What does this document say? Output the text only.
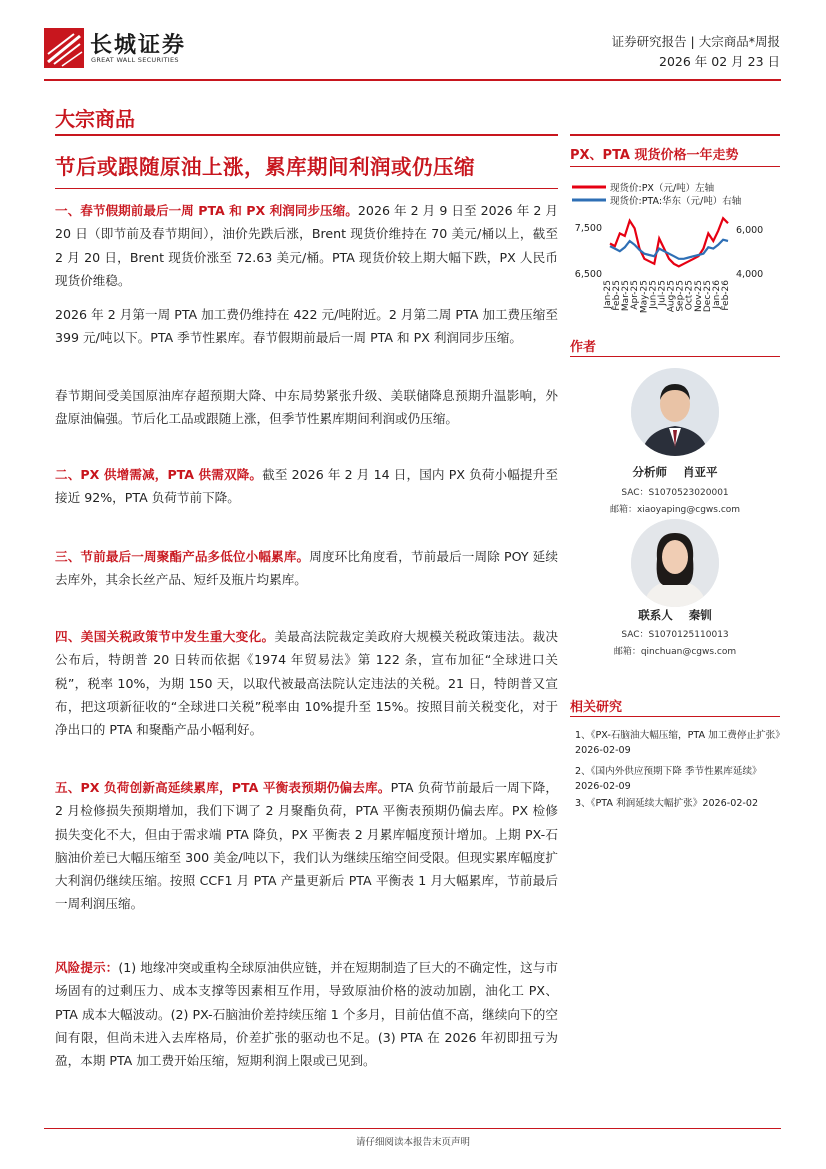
长城证券
GREAT WALL SECURITIES
证券研究报告 | 大宗商品*周报
2026 年 02 月 23 日
大宗商品
节后或跟随原油上涨，累库期间利润或仍压缩
一、春节假期前最后一周 PTA 和 PX 利润同步压缩。2026 年 2 月 9 日至 2026 年 2 月 20 日（即节前及春节期间），油价先跌后涨，Brent 现货价维持在 70 美元/桶以上，截至 2 月 20 日，Brent 现货价涨至 72.63 美元/桶。PTA 现货价较上期大幅下跌，PX 人民币现货价维稳。
2026 年 2 月第一周 PTA 加工费仍维持在 422 元/吨附近。2 月第二周 PTA 加工费压缩至 399 元/吨以下。PTA 季节性累库。春节假期前最后一周 PTA 和 PX 利润同步压缩。
春节期间受美国原油库存超预期大降、中东局势紧张升级、美联储降息预期升温影响，外盘原油偏强。节后化工品或跟随上涨，但季节性累库期间利润或仍压缩。
二、PX 供增需减，PTA 供需双降。截至 2026 年 2 月 14 日，国内 PX 负荷小幅提升至接近 92%，PTA 负荷节前下降。
三、节前最后一周聚酯产品多低位小幅累库。周度环比角度看，节前最后一周除 POY 延续去库外，其余长丝产品、短纤及瓶片均累库。
四、美国关税政策节中发生重大变化。美最高法院裁定美政府大规模关税政策违法。裁决公布后，特朗普 20 日转而依据《1974 年贸易法》第 122 条，宣布加征“全球进口关税”，税率 10%，为期 150 天，以取代被最高法院认定违法的关税。21 日，特朗普又宣布，把这项新征收的“全球进口关税”税率由 10%提升至 15%。按照目前关税变化，对于净出口的 PTA 和聚酯产品小幅利好。
五、PX 负荷创新高延续累库，PTA 平衡表预期仍偏去库。PTA 负荷节前最后一周下降，2 月检修损失预期增加，我们下调了 2 月聚酯负荷，PTA 平衡表预期仍偏去库。PX 检修损失变化不大，但由于需求端 PTA 降负，PX 平衡表 2 月累库幅度预计增加。上期 PX-石脑油价差已大幅压缩至 300 美金/吨以下，我们认为继续压缩空间受限。但现实累库幅度扩大利润仍继续压缩。按照 CCF1 月 PTA 产量更新后 PTA 平衡表 1 月大幅累库，节前最后一周利润压缩。
风险提示：(1) 地缘冲突或重构全球原油供应链，并在短期制造了巨大的不确定性，这与市场固有的过剩压力、成本支撑等因素相互作用，导致原油价格的波动加剧，油化工 PX、PTA 成本大幅波动。(2) PX-石脑油价差持续压缩 1 个多月，目前估值不高，继续向下的空间有限，但尚未进入去库格局，价差扩张的驱动也不足。(3) PTA 在 2026 年初即扭亏为盈，本期 PTA 加工费开始压缩，短期利润上限或已见到。
PX、PTA 现货价格一年走势
现货价:PX（元/吨）左轴
现货价:PTA:华东（元/吨）右轴
7,500
6,500
6,000
4,000
Jan-25 Feb-25 Mar-25 Apr-25 May-25 Jun-25 Jul-25 Aug-25 Sep-25 Oct-25 Nov-25 Dec-25 Jan-26 Feb-26
作者
分析师 肖亚平
SAC：S1070523020001
邮箱：xiaoyaping@cgws.com
联系人 秦钏
SAC：S1070125110013
邮箱：qinchuan@cgws.com
相关研究
1、《PX-石脑油大幅压缩，PTA 加工费停止扩张》2026-02-09
2、《国内外供应预期下降 季节性累库延续》2026-02-09
3、《PTA 利润延续大幅扩张》2026-02-02
请仔细阅读本报告末页声明
